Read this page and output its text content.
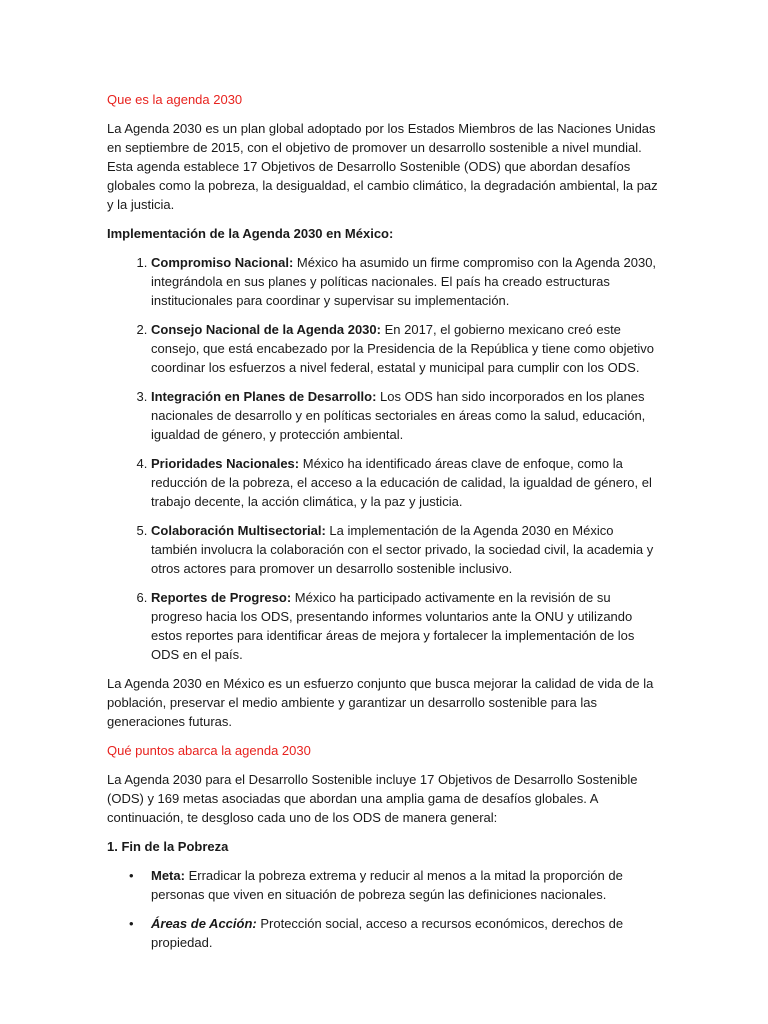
Que es la agenda 2030

La Agenda 2030 es un plan global adoptado por los Estados Miembros de las Naciones Unidas en septiembre de 2015, con el objetivo de promover un desarrollo sostenible a nivel mundial. Esta agenda establece 17 Objetivos de Desarrollo Sostenible (ODS) que abordan desafíos globales como la pobreza, la desigualdad, el cambio climático, la degradación ambiental, la paz y la justicia.

Implementación de la Agenda 2030 en México:
1. Compromiso Nacional: México ha asumido un firme compromiso con la Agenda 2030, integrándola en sus planes y políticas nacionales. El país ha creado estructuras institucionales para coordinar y supervisar su implementación.
2. Consejo Nacional de la Agenda 2030: En 2017, el gobierno mexicano creó este consejo, que está encabezado por la Presidencia de la República y tiene como objetivo coordinar los esfuerzos a nivel federal, estatal y municipal para cumplir con los ODS.
3. Integración en Planes de Desarrollo: Los ODS han sido incorporados en los planes nacionales de desarrollo y en políticas sectoriales en áreas como la salud, educación, igualdad de género, y protección ambiental.
4. Prioridades Nacionales: México ha identificado áreas clave de enfoque, como la reducción de la pobreza, el acceso a la educación de calidad, la igualdad de género, el trabajo decente, la acción climática, y la paz y justicia.
5. Colaboración Multisectorial: La implementación de la Agenda 2030 en México también involucra la colaboración con el sector privado, la sociedad civil, la academia y otros actores para promover un desarrollo sostenible inclusivo.
6. Reportes de Progreso: México ha participado activamente en la revisión de su progreso hacia los ODS, presentando informes voluntarios ante la ONU y utilizando estos reportes para identificar áreas de mejora y fortalecer la implementación de los ODS en el país.

La Agenda 2030 en México es un esfuerzo conjunto que busca mejorar la calidad de vida de la población, preservar el medio ambiente y garantizar un desarrollo sostenible para las generaciones futuras.

Qué puntos abarca la agenda 2030

La Agenda 2030 para el Desarrollo Sostenible incluye 17 Objetivos de Desarrollo Sostenible (ODS) y 169 metas asociadas que abordan una amplia gama de desafíos globales. A continuación, te desgloso cada uno de los ODS de manera general:

1. Fin de la Pobreza
• Meta: Erradicar la pobreza extrema y reducir al menos a la mitad la proporción de personas que viven en situación de pobreza según las definiciones nacionales.
• Áreas de Acción: Protección social, acceso a recursos económicos, derechos de propiedad.
